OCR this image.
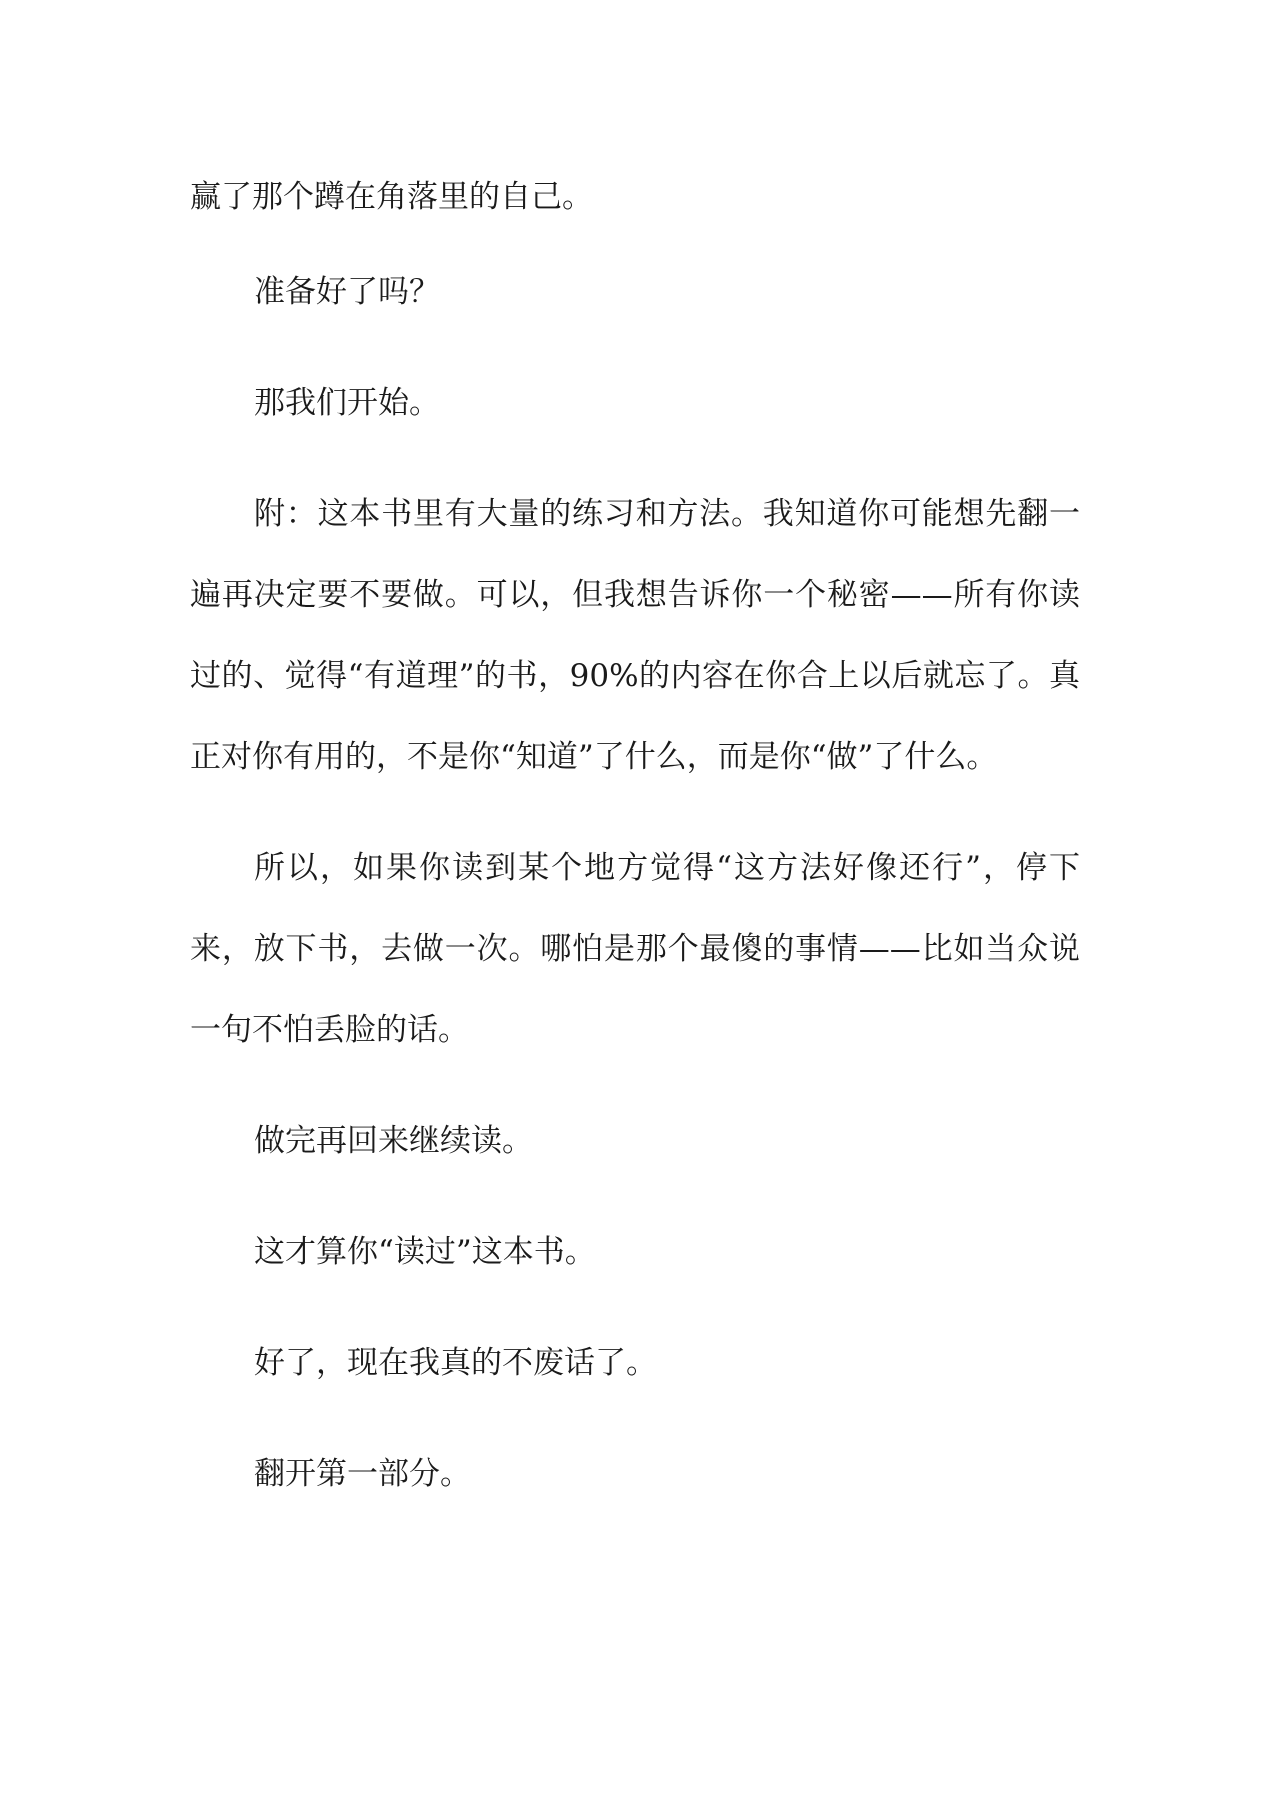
赢了那个蹲在角落里的自己。

准备好了吗？

那我们开始。

附：这本书里有大量的练习和方法。我知道你可能想先翻一遍再决定要不要做。可以，但我想告诉你一个秘密——所有你读过的、觉得“有道理”的书，90%的内容在你合上以后就忘了。真正对你有用的，不是你“知道”了什么，而是你“做”了什么。

所以，如果你读到某个地方觉得“这方法好像还行”，停下来，放下书，去做一次。哪怕是那个最傻的事情——比如当众说一句不怕丢脸的话。

做完再回来继续读。

这才算你“读过”这本书。

好了，现在我真的不废话了。

翻开第一部分。
